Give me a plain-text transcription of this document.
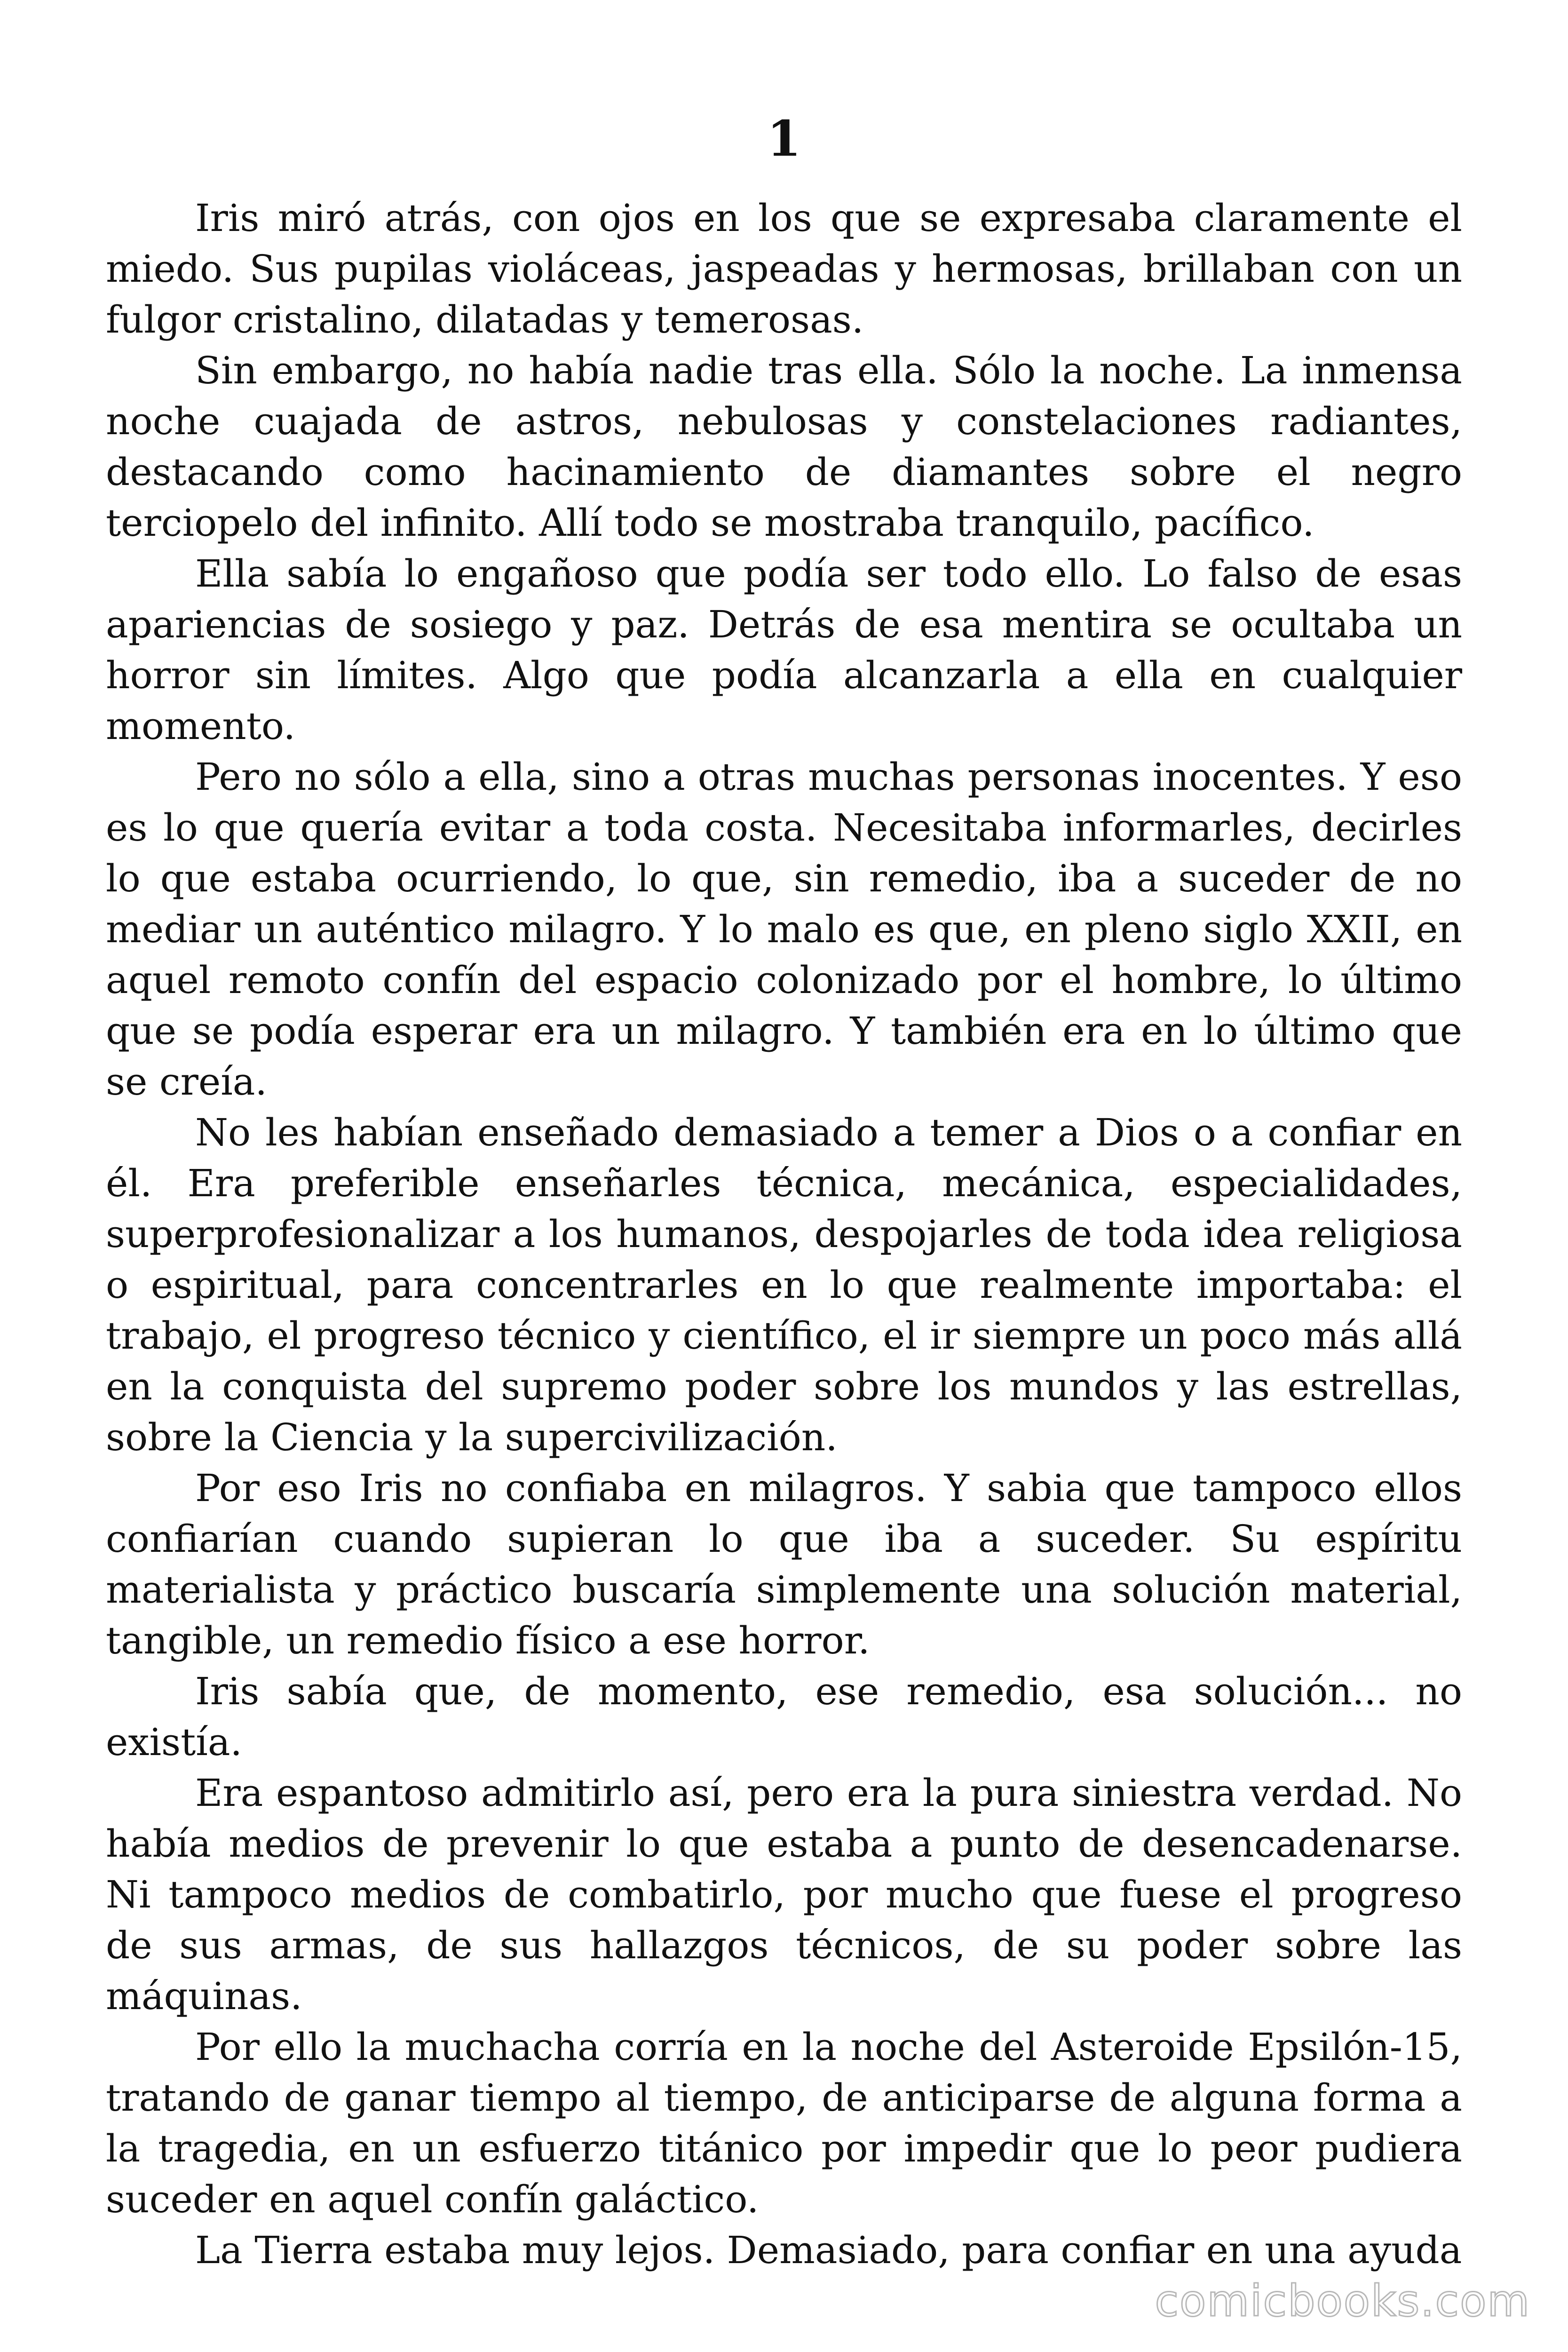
1

Iris miró atrás, con ojos en los que se expresaba claramente el miedo. Sus pupilas violáceas, jaspeadas y hermosas, brillaban con un fulgor cristalino, dilatadas y temerosas.

Sin embargo, no había nadie tras ella. Sólo la noche. La inmensa noche cuajada de astros, nebulosas y constelaciones radiantes, destacando como hacinamiento de diamantes sobre el negro terciopelo del infinito. Allí todo se mostraba tranquilo, pacífico.

Ella sabía lo engañoso que podía ser todo ello. Lo falso de esas apariencias de sosiego y paz. Detrás de esa mentira se ocultaba un horror sin límites. Algo que podía alcanzarla a ella en cualquier momento.

Pero no sólo a ella, sino a otras muchas personas inocentes. Y eso es lo que quería evitar a toda costa. Necesitaba informarles, decirles lo que estaba ocurriendo, lo que, sin remedio, iba a suceder de no mediar un auténtico milagro. Y lo malo es que, en pleno siglo XXII, en aquel remoto confín del espacio colonizado por el hombre, lo último que se podía esperar era un milagro. Y también era en lo último que se creía.

No les habían enseñado demasiado a temer a Dios o a confiar en él. Era preferible enseñarles técnica, mecánica, especialidades, superprofesionalizar a los humanos, despojarles de toda idea religiosa o espiritual, para concentrarles en lo que realmente importaba: el trabajo, el progreso técnico y científico, el ir siempre un poco más allá en la conquista del supremo poder sobre los mundos y las estrellas, sobre la Ciencia y la supercivilización.

Por eso Iris no confiaba en milagros. Y sabia que tampoco ellos confiarían cuando supieran lo que iba a suceder. Su espíritu materialista y práctico buscaría simplemente una solución material, tangible, un remedio físico a ese horror.

Iris sabía que, de momento, ese remedio, esa solución... no existía.

Era espantoso admitirlo así, pero era la pura siniestra verdad. No había medios de prevenir lo que estaba a punto de desencadenarse. Ni tampoco medios de combatirlo, por mucho que fuese el progreso de sus armas, de sus hallazgos técnicos, de su poder sobre las máquinas.

Por ello la muchacha corría en la noche del Asteroide Epsilón-15, tratando de ganar tiempo al tiempo, de anticiparse de alguna forma a la tragedia, en un esfuerzo titánico por impedir que lo peor pudiera suceder en aquel confín galáctico.

La Tierra estaba muy lejos. Demasiado, para confiar en una ayuda

comicbooks.com
